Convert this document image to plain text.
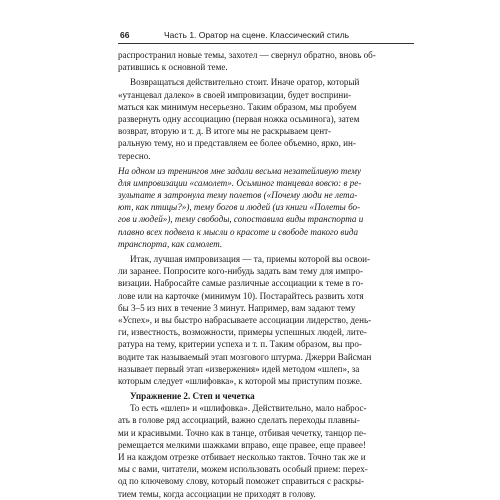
66	Часть 1. Оратор на сцене. Классический стиль
распространил новые темы, захотел — свернул обратно, вновь об-
ратившись к основной теме.
Возвращаться действительно стоит. Иначе оратор, который
«утанцевал далеко» в своей импровизации, будет восприни-
маться как минимум несерьезно. Таким образом, мы пробуем
развернуть одну ассоциацию (первая ножка осьминога), затем
возврат, вторую и т. д. В итоге мы не раскрываем цент-
ральную тему, но и представляем ее более объемно, ярко, ин-
тересно.
На одном из тренингов мне задали весьма незатейливую тему
для импровизации «самолет». Осьминог танцевал вовсю: в ре-
зультате я затронула тему полетов («Почему люди не лета-
ют, как птицы?»), тему богов и людей (из книги «Полеты бо-
гов и людей»), тему свободы, сопоставила виды транспорта и
плавно всех подвела к мысли о красоте и свободе такого вида
транспорта, как самолет.
Итак, лучшая импровизация — та, приемы которой вы освои-
ли заранее. Попросите кого-нибудь задать вам тему для импро-
визации. Набросайте самые различные ассоциации к теме в го-
лове или на карточке (минимум 10). Постарайтесь развить хотя
бы 3–5 из них в течение 3 минут. Например, вам задают тему
«Успех», и вы быстро набрасываете ассоциации лидерство, день-
ги, известность, возможности, примеры успешных людей, лите-
ратура на тему, критерии успеха и т. п. Таким образом, вы про-
водите так называемый этап мозгового штурма. Джерри Вайсман
называет первый этап «извержения» идей методом «шлеп», за
которым следует «шлифовка», к которой мы приступим позже.
Упражнение 2. Степ и чечетка
То есть «шлеп» и «шлифовка». Действительно, мало наброс-
ать в голове ряд ассоциаций, важно сделать переходы плавны-
ми и красивыми. Точно как в танце, отбивая чечетку, танцор пе-
ремещается мелкими шажками вправо, еще правее, еще правее!
И на каждом отрезке отбивает несколько тактов. Точно так же и
мы с вами, читатели, можем использовать особый прием: перех-
од по ключевому слову, который поможет справиться с раскры-
тием темы, когда ассоциации не приходят в голову.
